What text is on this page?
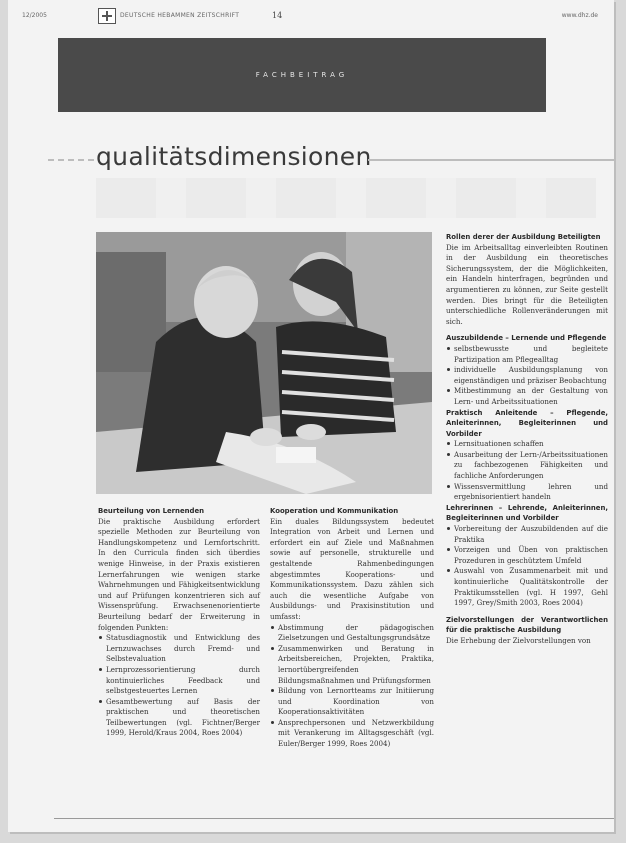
12/2005	DEUTSCHE HEBAMMEN ZEITSCHRIFT	14	www.dhz.de
FACHBEITRAG
qualitätsdimensionen

Beurteilung von Lernenden

Die praktische Ausbildung erfordert spezielle Methoden zur Beurteilung von Handlungskompetenz und Lernfortschritt. In den Curricula finden sich überdies wenige Hinweise, in der Praxis existieren Lernerfahrungen wie wenigen starke Wahrnehmungen und Fähigkeitsentwicklung und auf Prüfungen konzentrieren sich auf Wissensprüfung. Erwachsenenorientierte Beurteilung bedarf der Erweiterung in folgenden Punkten:

Statusdiagnostik und Entwicklung des Lernzuwachses durch Fremd- und Selbstevaluation
Lernprozessorientierung durch kontinuierliches Feedback und selbstgesteuertes Lernen
Gesamtbewertung auf Basis der praktischen und theoretischen Teilbewertungen (vgl. Fichtner/Berger 1999, Herold/Kraus 2004, Roes 2004)

Kooperation und Kommunikation

Ein duales Bildungssystem bedeutet Integration von Arbeit und Lernen und erfordert ein auf Ziele und Maßnahmen sowie auf personelle, strukturelle und gestaltende Rahmenbedingungen abgestimmtes Kooperations- und Kommunikationssystem. Dazu zählen sich auch die wesentliche Aufgabe von Ausbildungs- und Praxisinstitution und umfasst:

Abstimmung der pädagogischen Zielsetzungen und Gestaltungsgrundsätze
Zusammenwirken und Beratung in Arbeitsbereichen, Projekten, Praktika, lernortübergreifenden Bildungsmaßnahmen und Prüfungsformen
Bildung von Lernortteams zur Initiierung und Koordination von Kooperationsaktivitäten
Ansprechpersonen und Netzwerkbildung mit Verankerung im Alltagsgeschäft (vgl. Euler/Berger 1999, Roes 2004)

Rollen derer der Ausbildung Beteiligten

Die im Arbeitsalltag einverleibten Routinen in der Ausbildung ein theoretisches Sicherungssystem, der die Möglichkeiten, ein Handeln hinterfragen, begründen und argumentieren zu können, zur Seite gestellt werden. Dies bringt für die Beteiligten unterschiedliche Rollenveränderungen mit sich.

Auszubildende – Lernende und Pflegende

selbstbewusste und begleitete Partizipation am Pflegealltag
individuelle Ausbildungsplanung von eigenständigen und präziser Beobachtung
Mitbestimmung an der Gestaltung von Lern- und Arbeitssituationen

Praktisch Anleitende – Pflegende, Anleiterinnen, Begleiterinnen und Vorbilder

Lernsituationen schaffen
Ausarbeitung der Lern-/Arbeitssituationen zu fachbezogenen Fähigkeiten und fachliche Anforderungen
Wissensvermittlung lehren und ergebnisorientiert handeln

Lehrerinnen – Lehrende, Anleiterinnen, Begleiterinnen und Vorbilder

Vorbereitung der Auszubildenden auf die Praktika
Vorzeigen und Üben von praktischen Prozeduren in geschütztem Umfeld
Auswahl von Zusammenarbeit mit und kontinuierliche Qualitätskontrolle der Praktikumsstellen (vgl. H 1997, Gehl 1997, Grey/Smith 2003, Roes 2004)

Zielvorstellungen der Verantwortlichen für die praktische Ausbildung

Die Erhebung der Zielvorstellungen von
